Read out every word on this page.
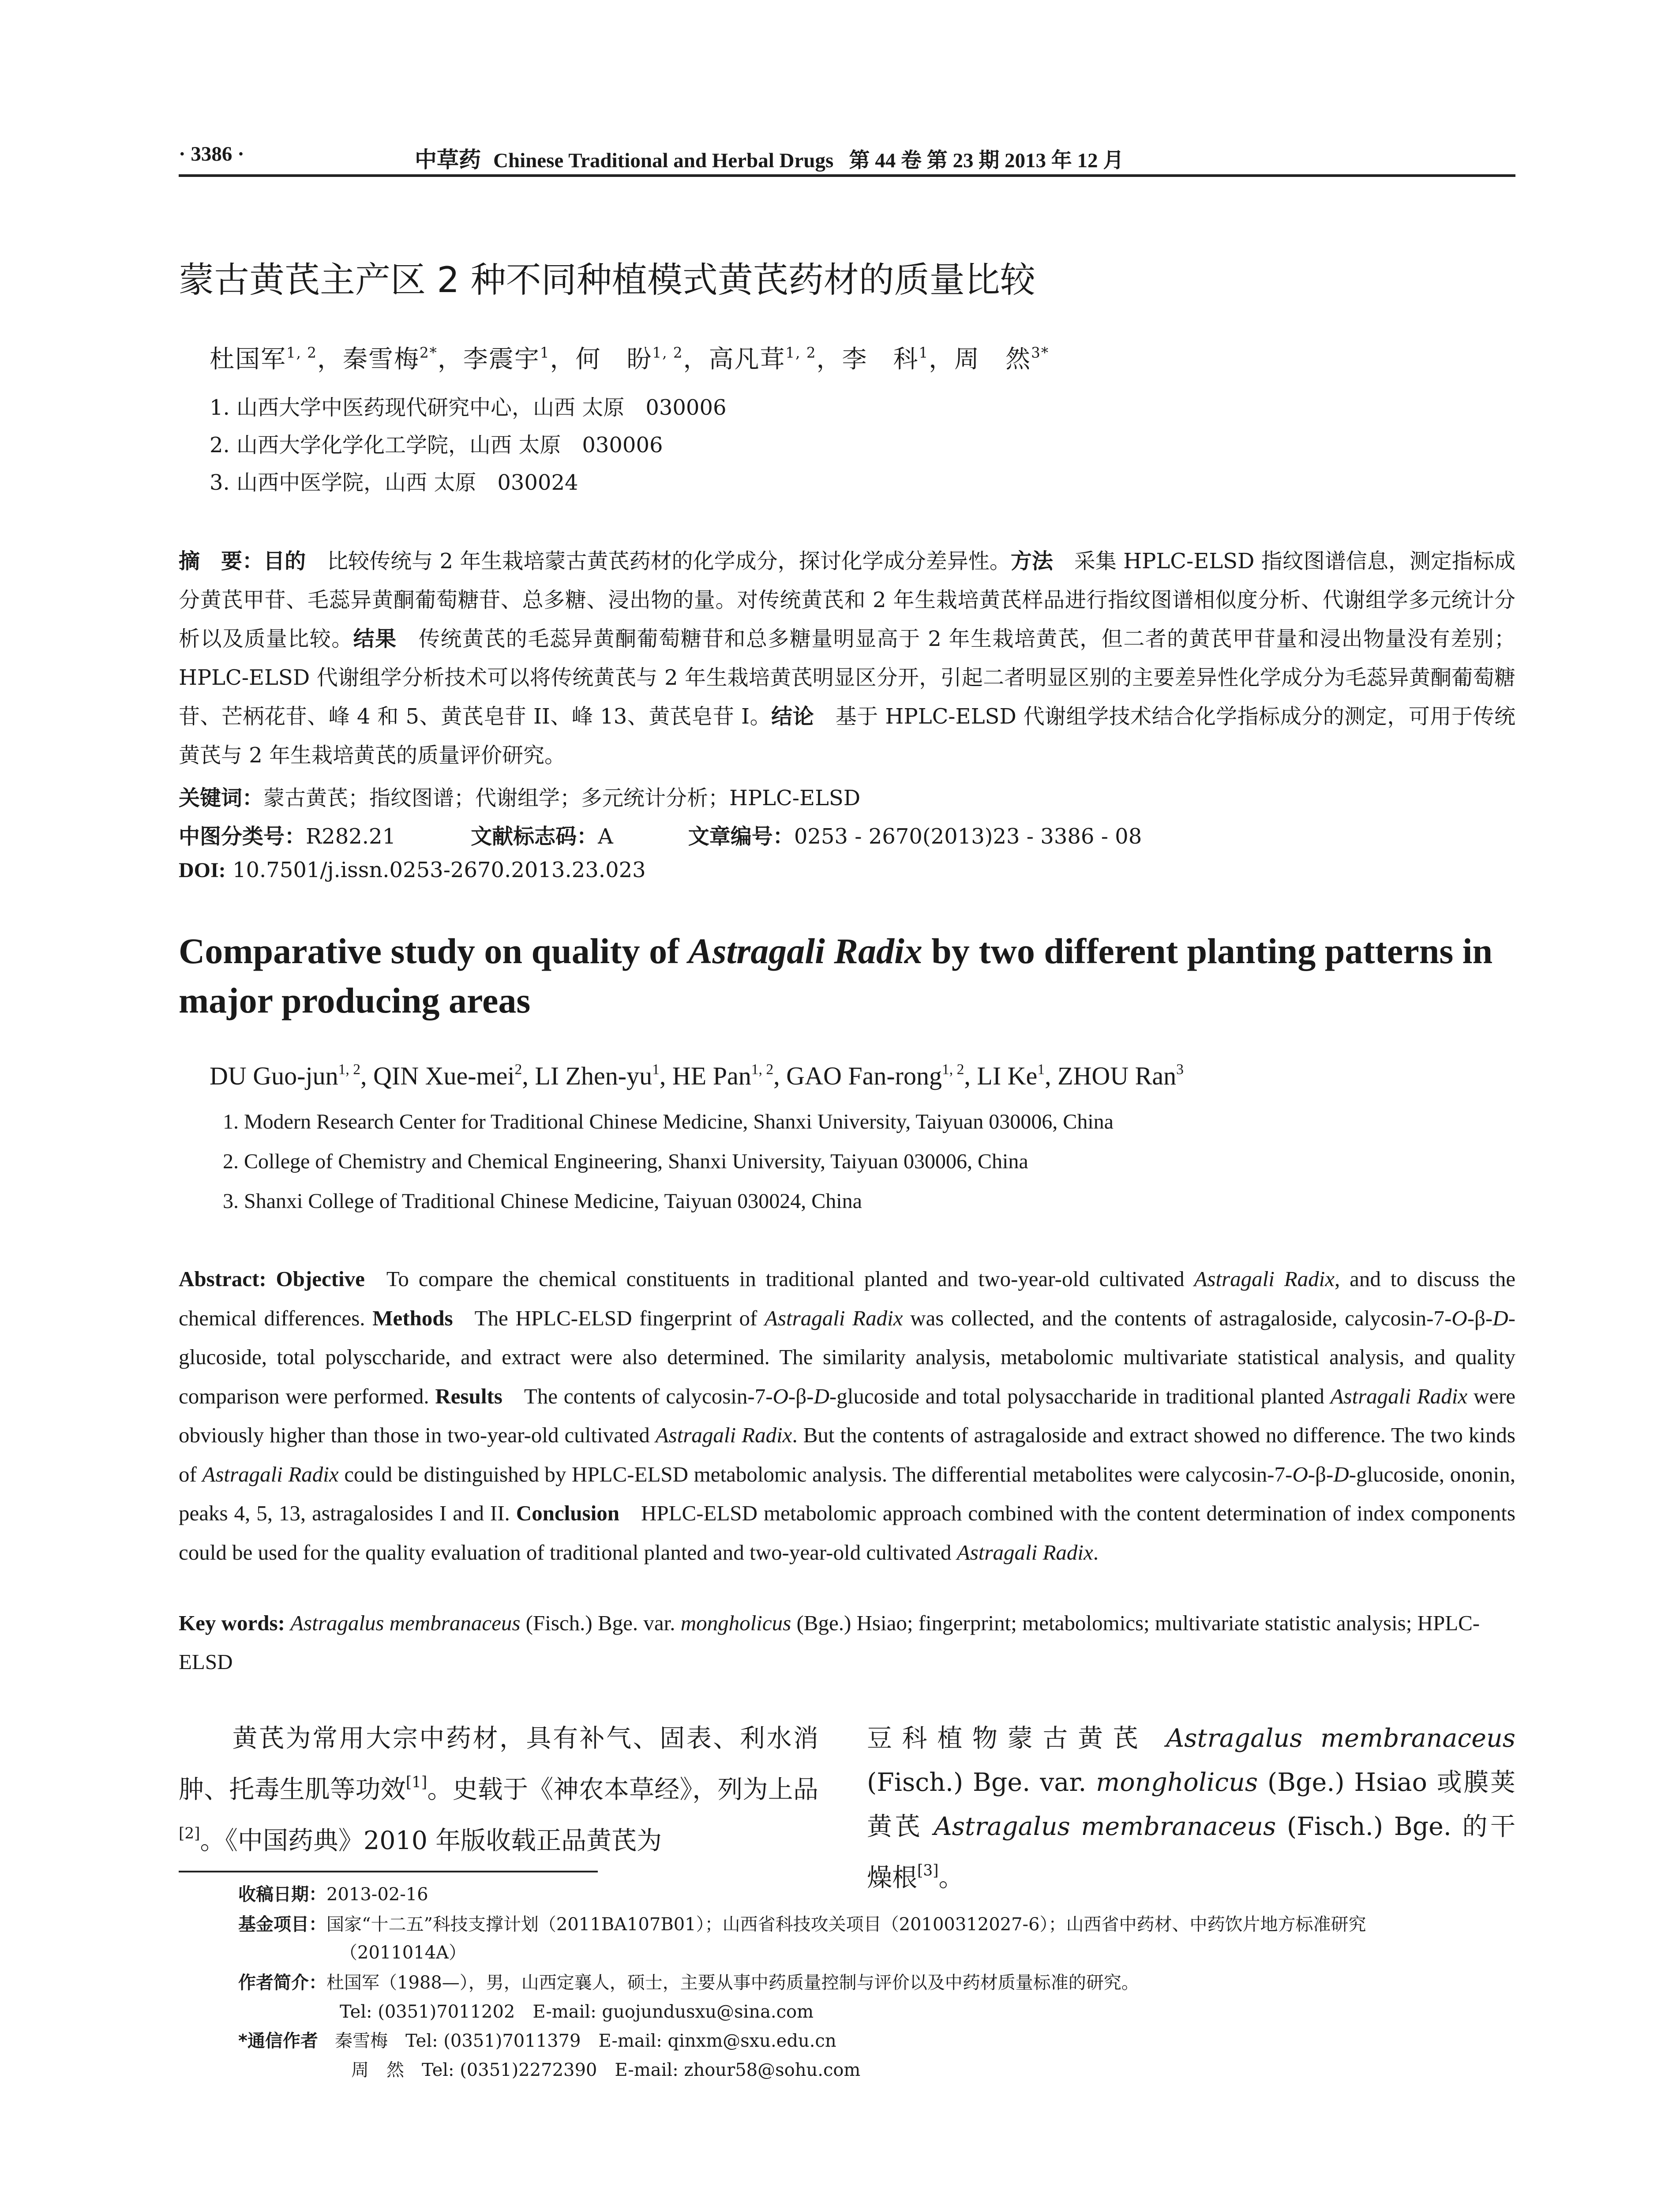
· 3386 ·	中草药 Chinese Traditional and Herbal Drugs 第 44 卷 第 23 期 2013 年 12 月
蒙古黄芪主产区 2 种不同种植模式黄芪药材的质量比较
杜国军$^{1, 2}$，秦雪梅$^{2*}$，李震宇$^1$，何　盼$^{1, 2}$，高凡茸$^{1, 2}$，李　科$^1$，周　然$^{3*}$
1. 山西大学中医药现代研究中心，山西 太原　030006
2. 山西大学化学化工学院，山西 太原　030006
3. 山西中医学院，山西 太原　030024
摘　要：目的  比较传统与 2 年生栽培蒙古黄芪药材的化学成分，探讨化学成分差异性。方法  采集 HPLC-ELSD 指纹图谱信息，测定指标成分黄芪甲苷、毛蕊异黄酮葡萄糖苷、总多糖、浸出物的量。对传统黄芪和 2 年生栽培黄芪样品进行指纹图谱相似度分析、代谢组学多元统计分析以及质量比较。结果  传统黄芪的毛蕊异黄酮葡萄糖苷和总多糖量明显高于 2 年生栽培黄芪，但二者的黄芪甲苷量和浸出物量没有差别；HPLC-ELSD 代谢组学分析技术可以将传统黄芪与 2 年生栽培黄芪明显区分开，引起二者明显区别的主要差异性化学成分为毛蕊异黄酮葡萄糖苷、芒柄花苷、峰 4 和 5、黄芪皂苷 II、峰 13、黄芪皂苷 I。结论  基于 HPLC-ELSD 代谢组学技术结合化学指标成分的测定，可用于传统黄芪与 2 年生栽培黄芪的质量评价研究。
关键词：蒙古黄芪；指纹图谱；代谢组学；多元统计分析；HPLC-ELSD
中图分类号：R282.21	文献标志码：A	文章编号：0253 - 2670(2013)23 - 3386 - 08
DOI: 10.7501/j.issn.0253-2670.2013.23.023
Comparative study on quality of Astragali Radix by two different planting patterns in major producing areas
DU Guo-jun$^{1, 2}$, QIN Xue-mei$^2$, LI Zhen-$yu^1$, HE Pan$^{1, 2}$, GAO Fan-rong$^{1, 2}$, LI Ke$^1$, ZHOU Ran$^3$
1. Modern Research Center for Traditional Chinese Medicine, Shanxi University, Taiyuan 030006, China
2. College of Chemistry and Chemical Engineering, Shanxi University, Taiyuan 030006, China
3. Shanxi College of Traditional Chinese Medicine, Taiyuan 030024, China
Abstract: Objective To compare the chemical constituents in traditional planted and two-year-old cultivated Astragali Radix, and to discuss the chemical differences. Methods The HPLC-ELSD fingerprint of Astragali Radix was collected, and the contents of astragaloside, calycosin-7-O-β-D-glucoside, total polysccharide, and extract were also determined. The similarity analysis, metabolomic multivariate statistical analysis, and quality comparison were performed. Results The contents of calycosin-7-O-β-D-glucoside and total polysaccharide in traditional planted Astragali Radix were obviously higher than those in two-year-old cultivated Astragali Radix. But the contents of astragaloside and extract showed no difference. The two kinds of Astragali Radix could be distinguished by HPLC-ELSD metabolomic analysis. The differential metabolites were calycosin-7-O-β-D-glucoside, ononin, peaks 4, 5, 13, astragalosides I and II. Conclusion HPLC-ELSD metabolomic approach combined with the content determination of index components could be used for the quality evaluation of traditional planted and two-year-old cultivated Astragali Radix.
Key words: Astragalus membranaceus (Fisch.) Bge. var. mongholicus (Bge.) Hsiao; fingerprint; metabolomics; multivariate statistic analysis; HPLC-ELSD
黄芪为常用大宗中药材，具有补气、固表、利水消肿、托毒生肌等功效[1]。史载于《神农本草经》，列为上品[2]。《中国药典》2010 年版收载正品黄芪为
豆科植物蒙古黄芪 Astragalus membranaceus (Fisch.) Bge. var. mongholicus (Bge.) Hsiao 或膜荚黄芪 Astragalus membranaceus (Fisch.) Bge. 的干燥根[3]。
收稿日期：2013-02-16
基金项目：国家“十二五”科技支撑计划（2011BA107B01）；山西省科技攻关项目（20100312027-6）；山西省中药材、中药饮片地方标准研究
（2011014A）
作者简介：杜国军（1988—），男，山西定襄人，硕士，主要从事中药质量控制与评价以及中药材质量标准的研究。
Tel: (0351)7011202　E-mail: guojundusxu@sina.com
*通信作者 秦雪梅　Tel: (0351)7011379　E-mail: qinxm@sxu.edu.cn
周　然　Tel: (0351)2272390　E-mail: zhour58@sohu.com
